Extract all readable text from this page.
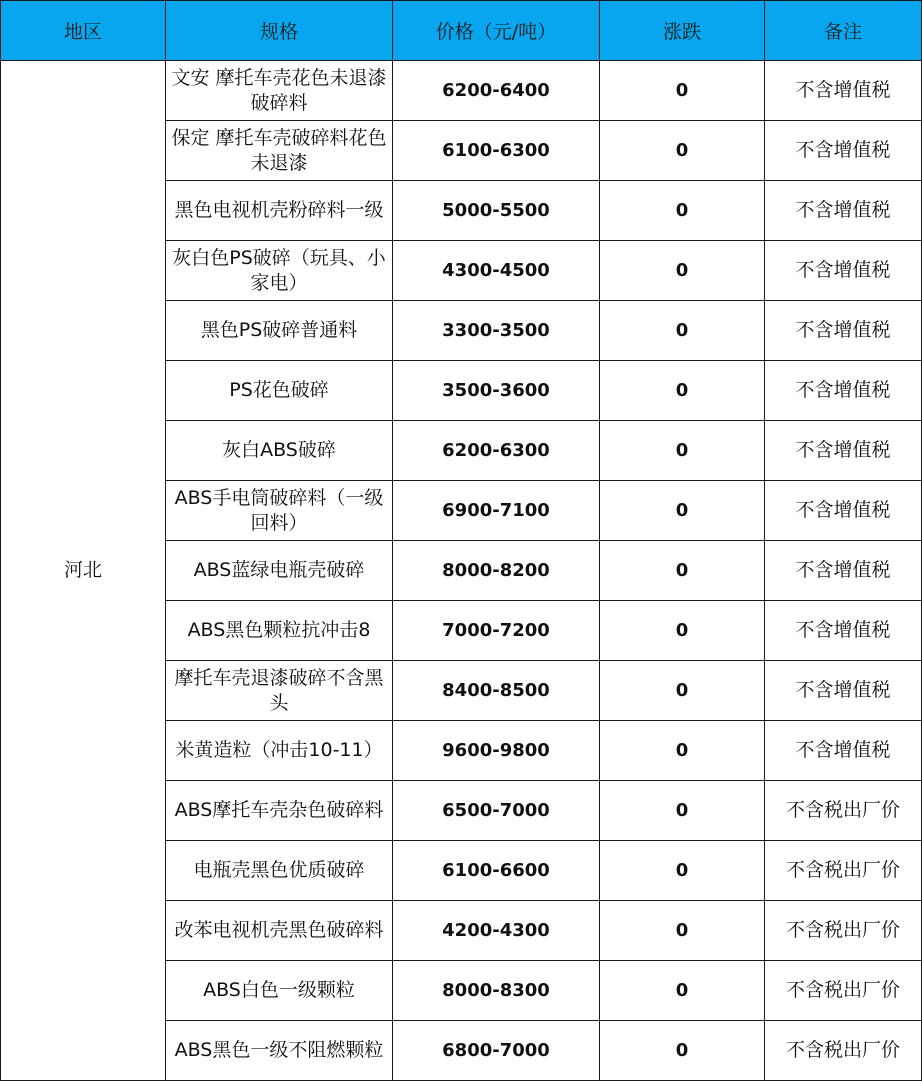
地区	规格	价格（元/吨）	涨跌	备注
河北	文安 摩托车壳花色未退漆破碎料	6200-6400	0	不含增值税
	保定 摩托车壳破碎料花色未退漆	6100-6300	0	不含增值税
	黑色电视机壳粉碎料一级	5000-5500	0	不含增值税
	灰白色PS破碎（玩具、小家电）	4300-4500	0	不含增值税
	黑色PS破碎普通料	3300-3500	0	不含增值税
	PS花色破碎	3500-3600	0	不含增值税
	灰白ABS破碎	6200-6300	0	不含增值税
	ABS手电筒破碎料（一级回料）	6900-7100	0	不含增值税
	ABS蓝绿电瓶壳破碎	8000-8200	0	不含增值税
	ABS黑色颗粒抗冲击8	7000-7200	0	不含增值税
	摩托车壳退漆破碎不含黑头	8400-8500	0	不含增值税
	米黄造粒（冲击10-11）	9600-9800	0	不含增值税
	ABS摩托车壳杂色破碎料	6500-7000	0	不含税出厂价
	电瓶壳黑色优质破碎	6100-6600	0	不含税出厂价
	改苯电视机壳黑色破碎料	4200-4300	0	不含税出厂价
	ABS白色一级颗粒	8000-8300	0	不含税出厂价
	ABS黑色一级不阻燃颗粒	6800-7000	0	不含税出厂价
